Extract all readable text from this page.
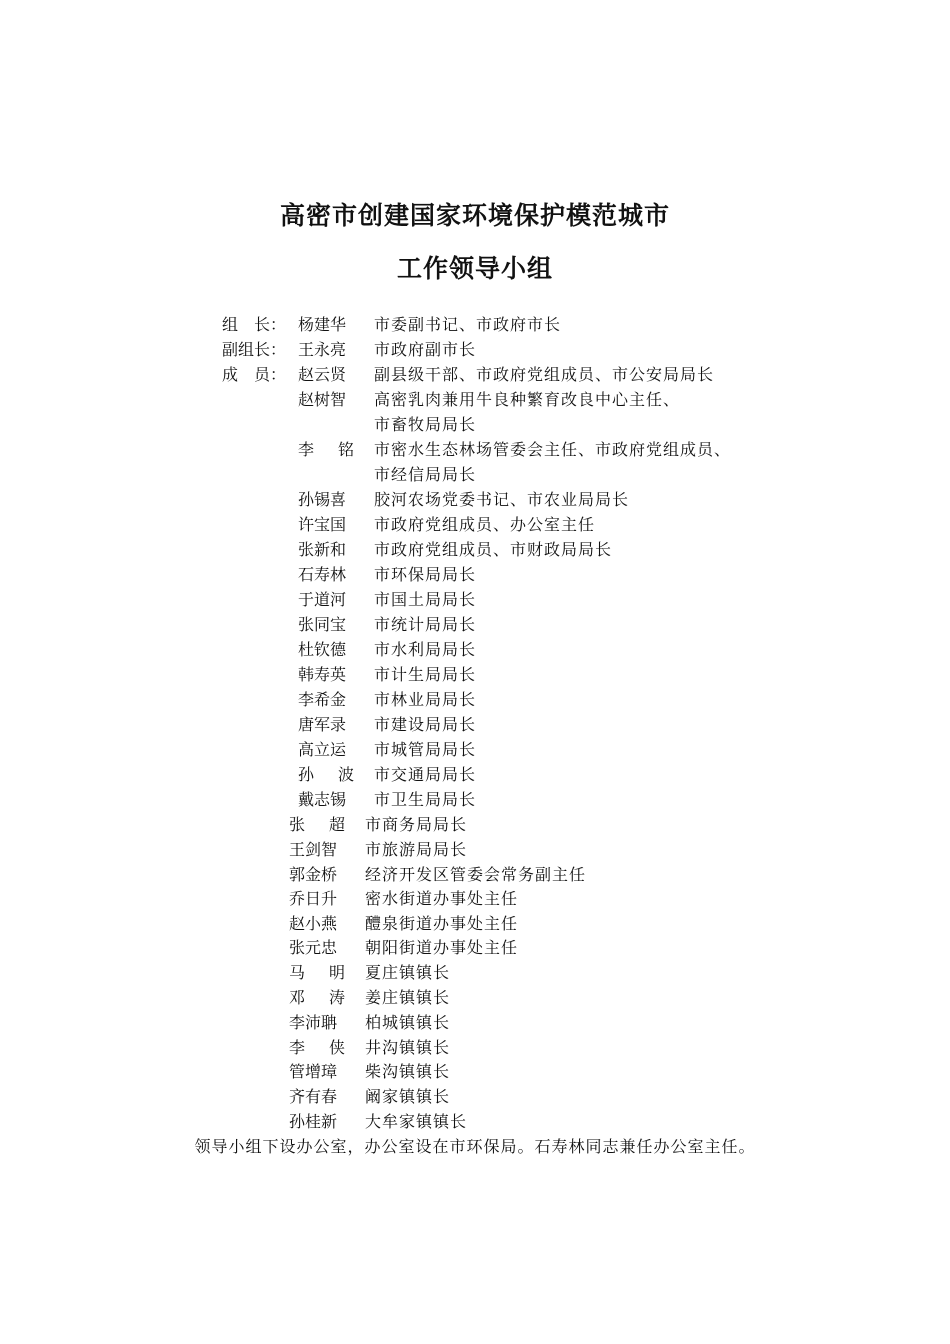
高密市创建国家环境保护模范城市
工作领导小组
组　长： 杨建华 市委副书记、市政府市长
副组长： 王永亮 市政府副市长
成　员： 赵云贤 副县级干部、市政府党组成员、市公安局局长
赵树智 高密乳肉兼用牛良种繁育改良中心主任、
市畜牧局局长
李铭
市密水生态林场管委会主任、市政府党组成员、
市经信局局长
孙锡喜 胶河农场党委书记、市农业局局长
许宝国 市政府党组成员、办公室主任
张新和 市政府党组成员、市财政局局长
石寿林 市环保局局长
于道河 市国土局局长
张同宝 市统计局局长
杜钦德 市水利局局长
韩寿英 市计生局局长
李希金 市林业局局长
唐军录 市建设局局长
高立运 市城管局局长
孙波
市交通局局长
戴志锡 市卫生局局长
张超
市商务局局长
王剑智 市旅游局局长
郭金桥 经济开发区管委会常务副主任
乔日升 密水街道办事处主任
赵小燕 醴泉街道办事处主任
张元忠 朝阳街道办事处主任
马明
夏庄镇镇长
邓涛
姜庄镇镇长
李沛聃 柏城镇镇长
李侠
井沟镇镇长
管增璋 柴沟镇镇长
齐有春 阚家镇镇长
孙桂新 大牟家镇镇长
领导小组下设办公室，办公室设在市环保局。石寿林同志兼任办公室主任。
